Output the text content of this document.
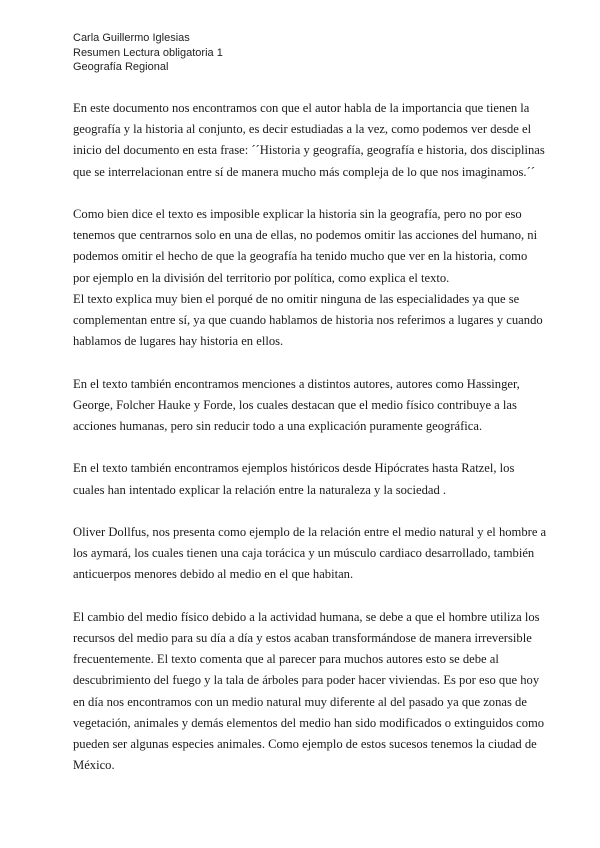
Carla Guillermo Iglesias
Resumen Lectura obligatoria 1
Geografía Regional

En este documento nos encontramos con que el autor habla de la importancia que tienen la
geografía y la historia al conjunto, es decir estudiadas a la vez, como podemos ver desde el
inicio del documento en esta frase: ´´Historia y geografía, geografía e historia, dos disciplinas
que se interrelacionan entre sí de manera mucho más compleja de lo que nos imaginamos.´´

Como bien dice el texto es imposible explicar la historia sin la geografía, pero no por eso
tenemos que centrarnos solo en una de ellas, no podemos omitir las acciones del humano, ni
podemos omitir el hecho de que la geografía ha tenido mucho que ver en la historia, como
por ejemplo en la división del territorio por política, como explica el texto.

El texto explica muy bien el porqué de no omitir ninguna de las especialidades ya que se
complementan entre sí, ya que cuando hablamos de historia nos referimos a lugares y cuando
hablamos de lugares hay historia en ellos.

En el texto también encontramos menciones a distintos autores, autores como Hassinger,
George, Folcher Hauke y Forde, los cuales destacan que el medio físico contribuye a las
acciones humanas, pero sin reducir todo a una explicación puramente geográfica.

En el texto también encontramos ejemplos históricos desde Hipócrates hasta Ratzel, los
cuales han intentado explicar la relación entre la naturaleza y la sociedad .

Oliver Dollfus, nos presenta como ejemplo de la relación entre el medio natural y el hombre a
los aymará, los cuales tienen una caja torácica y un músculo cardiaco desarrollado, también
anticuerpos menores debido al medio en el que habitan.

El cambio del medio físico debido a la actividad humana, se debe a que el hombre utiliza los
recursos del medio para su día a día y estos acaban transformándose de manera irreversible
frecuentemente. El texto comenta que al parecer para muchos autores esto se debe al
descubrimiento del fuego y la tala de árboles para poder hacer viviendas. Es por eso que hoy
en día nos encontramos con un medio natural muy diferente al del pasado ya que zonas de
vegetación, animales y demás elementos del medio han sido modificados o extinguidos como
pueden ser algunas especies animales. Como ejemplo de estos sucesos tenemos la ciudad de
México.
